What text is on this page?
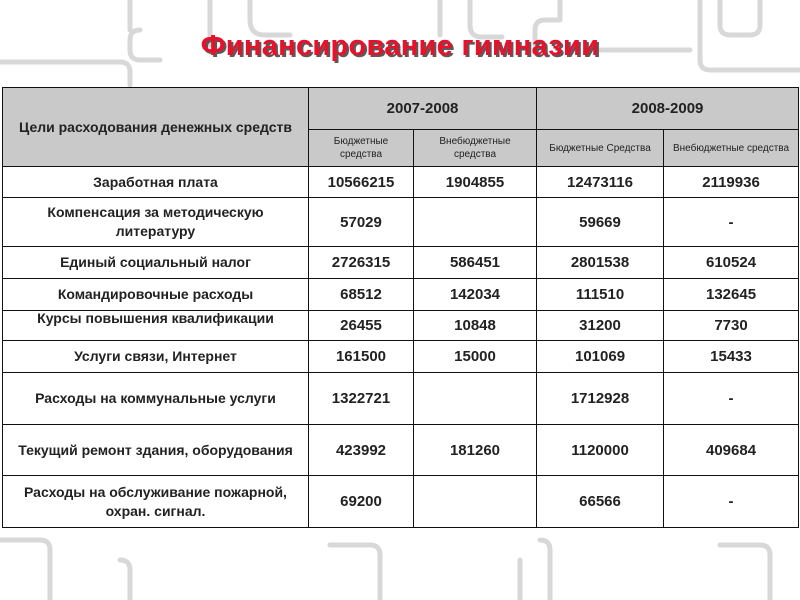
Финансирование гимназии
Цели расходования денежных средств	2007-2008		2008-2009	
	Бюджетные средства	Внебюджетные средства	Бюджетные Средства	Внебюджетные средства
Заработная плата	10566215	1904855	12473116	2119936
Компенсация за методическую литературу	57029		59669	-
Единый социальный налог	2726315	586451	2801538	610524
Командировочные расходы	68512	142034	111510	132645
Курсы повышения квалификации	26455	10848	31200	7730
Услуги связи, Интернет	161500	15000	101069	15433
Расходы на коммунальные услуги	1322721		1712928	-
Текущий ремонт здания, оборудования	423992	181260	1120000	409684
Расходы на обслуживание пожарной, охран. сигнал.	69200		66566	-
